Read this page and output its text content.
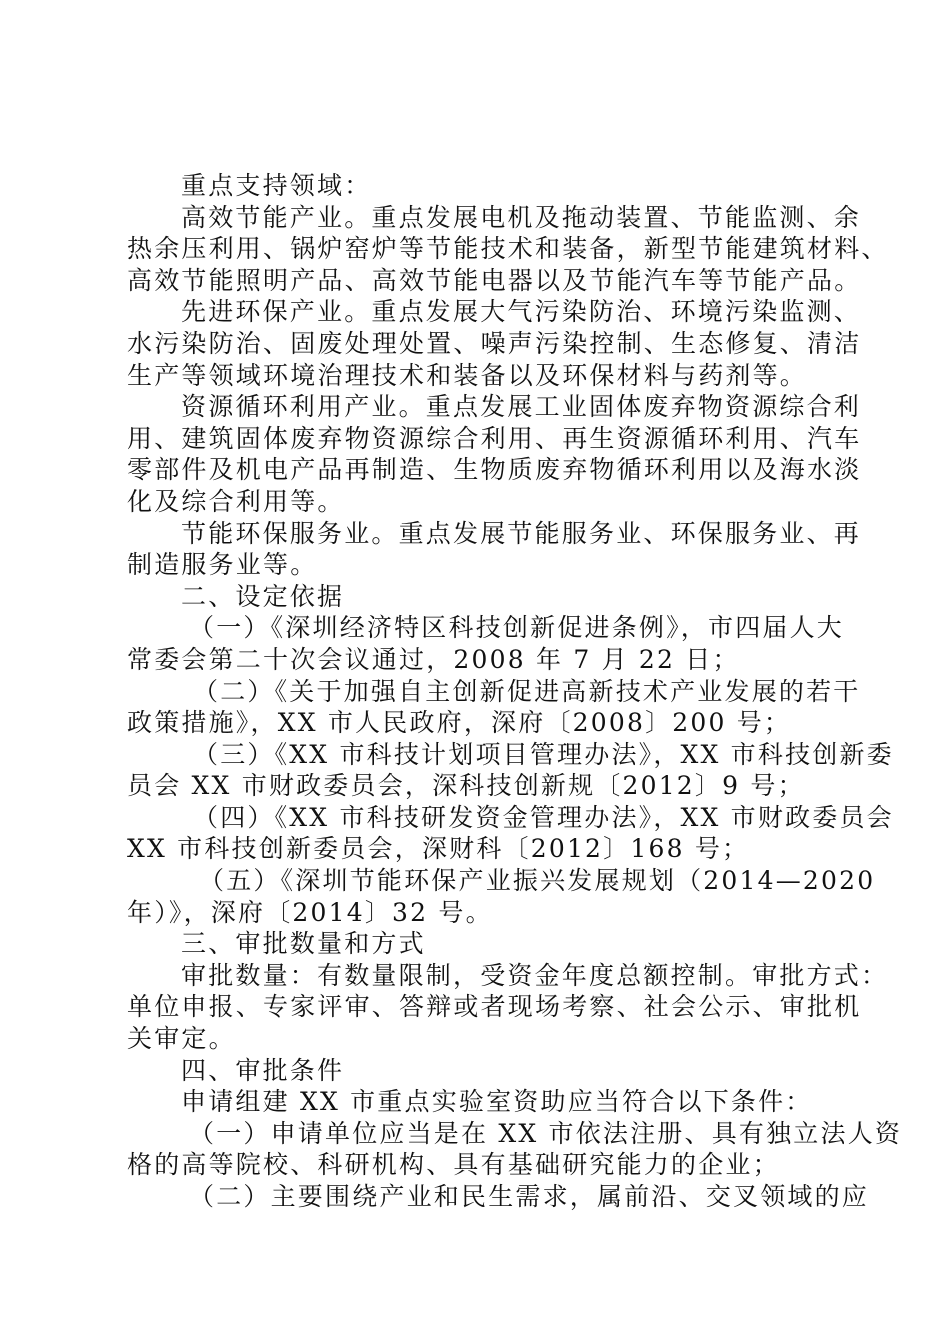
重点支持领域：
高效节能产业。重点发展电机及拖动装置、节能监测、余
热余压利用、锅炉窑炉等节能技术和装备，新型节能建筑材料、
高效节能照明产品、高效节能电器以及节能汽车等节能产品。
先进环保产业。重点发展大气污染防治、环境污染监测、
水污染防治、固废处理处置、噪声污染控制、生态修复、清洁
生产等领域环境治理技术和装备以及环保材料与药剂等。
资源循环利用产业。重点发展工业固体废弃物资源综合利
用、建筑固体废弃物资源综合利用、再生资源循环利用、汽车
零部件及机电产品再制造、生物质废弃物循环利用以及海水淡
化及综合利用等。
节能环保服务业。重点发展节能服务业、环保服务业、再
制造服务业等。
二、设定依据
（一）《深圳经济特区科技创新促进条例》，市四届人大
常委会第二十次会议通过，2008 年 7 月 22 日；
（二）《关于加强自主创新促进高新技术产业发展的若干
政策措施》，XX 市人民政府，深府〔2008〕200 号；
（三）《XX 市科技计划项目管理办法》，XX 市科技创新委
员会 XX 市财政委员会，深科技创新规〔2012〕9 号；
（四）《XX 市科技研发资金管理办法》，XX 市财政委员会
XX 市科技创新委员会，深财科〔2012〕168 号；
（五）《深圳节能环保产业振兴发展规划（2014—2020
年）》，深府〔2014〕32 号。
三、审批数量和方式
审批数量：有数量限制，受资金年度总额控制。审批方式：
单位申报、专家评审、答辩或者现场考察、社会公示、审批机
关审定。
四、审批条件
申请组建 XX 市重点实验室资助应当符合以下条件：
（一）申请单位应当是在 XX 市依法注册、具有独立法人资
格的高等院校、科研机构、具有基础研究能力的企业；
（二）主要围绕产业和民生需求，属前沿、交叉领域的应
